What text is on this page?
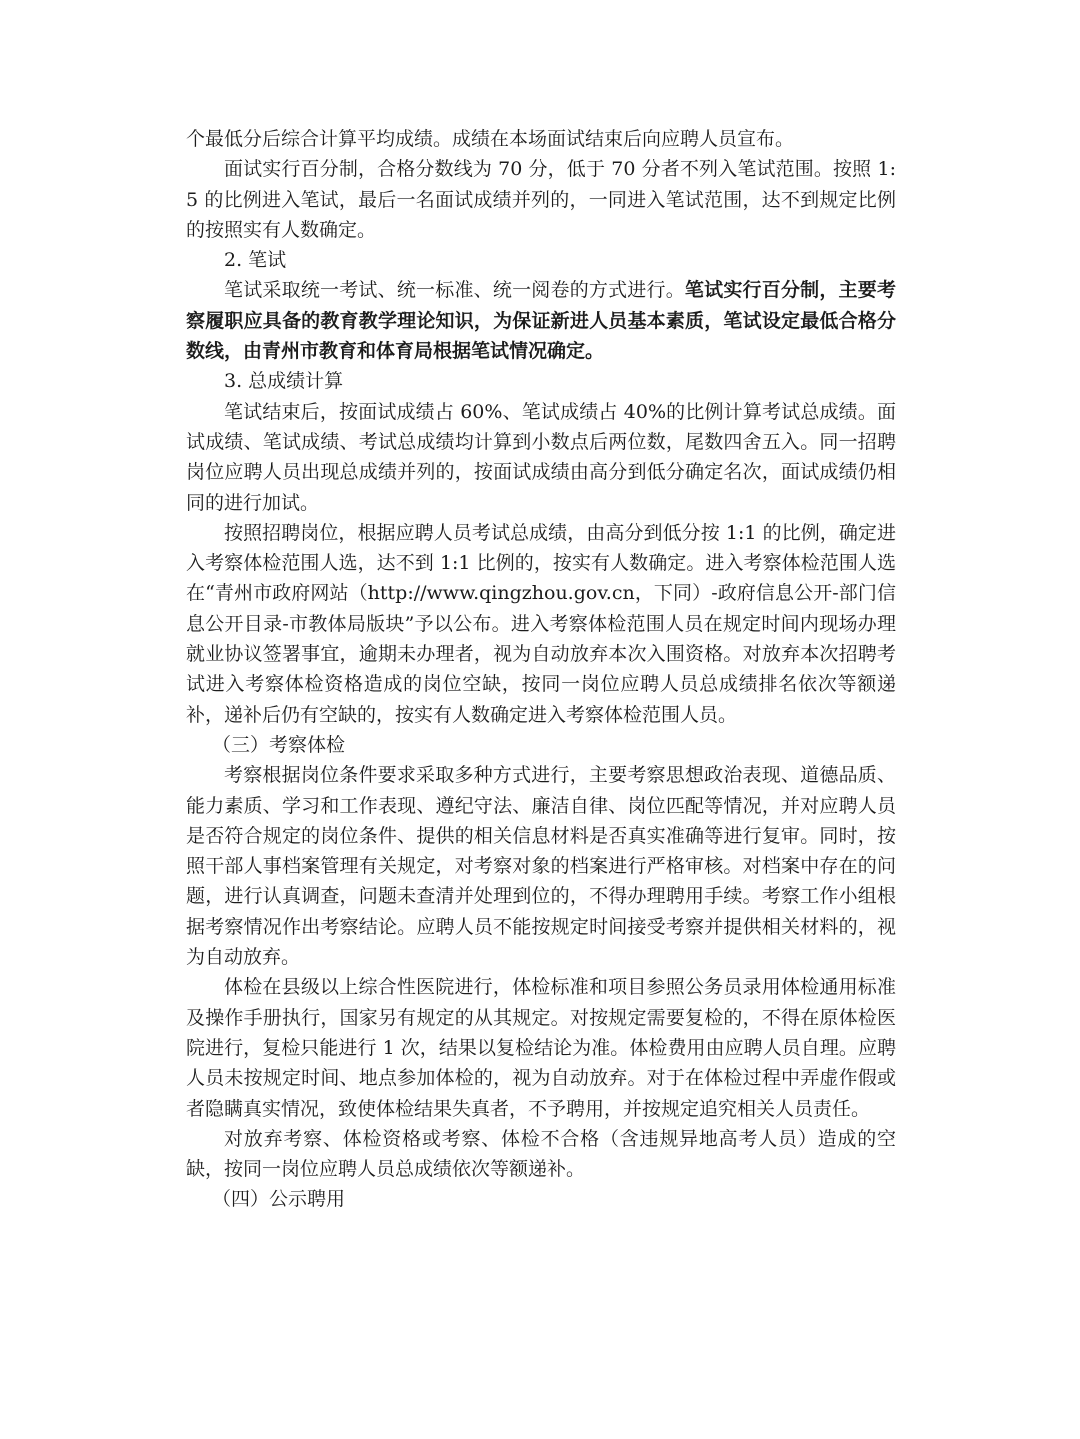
个最低分后综合计算平均成绩。成绩在本场面试结束后向应聘人员宣布。

面试实行百分制，合格分数线为 70 分，低于 70 分者不列入笔试范围。按照 1:5 的比例进入笔试，最后一名面试成绩并列的，一同进入笔试范围，达不到规定比例的按照实有人数确定。

2. 笔试

笔试采取统一考试、统一标准、统一阅卷的方式进行。笔试实行百分制，主要考察履职应具备的教育教学理论知识，为保证新进人员基本素质，笔试设定最低合格分数线，由青州市教育和体育局根据笔试情况确定。

3. 总成绩计算

笔试结束后，按面试成绩占 60%、笔试成绩占 40%的比例计算考试总成绩。面试成绩、笔试成绩、考试总成绩均计算到小数点后两位数，尾数四舍五入。同一招聘岗位应聘人员出现总成绩并列的，按面试成绩由高分到低分确定名次，面试成绩仍相同的进行加试。

按照招聘岗位，根据应聘人员考试总成绩，由高分到低分按 1:1 的比例，确定进入考察体检范围人选，达不到 1:1 比例的，按实有人数确定。进入考察体检范围人选在“青州市政府网站（http://www.qingzhou.gov.cn，下同）-政府信息公开-部门信息公开目录-市教体局版块”予以公布。进入考察体检范围人员在规定时间内现场办理就业协议签署事宜，逾期未办理者，视为自动放弃本次入围资格。对放弃本次招聘考试进入考察体检资格造成的岗位空缺，按同一岗位应聘人员总成绩排名依次等额递补，递补后仍有空缺的，按实有人数确定进入考察体检范围人员。

（三）考察体检

考察根据岗位条件要求采取多种方式进行，主要考察思想政治表现、道德品质、能力素质、学习和工作表现、遵纪守法、廉洁自律、岗位匹配等情况，并对应聘人员是否符合规定的岗位条件、提供的相关信息材料是否真实准确等进行复审。同时，按照干部人事档案管理有关规定，对考察对象的档案进行严格审核。对档案中存在的问题，进行认真调查，问题未查清并处理到位的，不得办理聘用手续。考察工作小组根据考察情况作出考察结论。应聘人员不能按规定时间接受考察并提供相关材料的，视为自动放弃。

体检在县级以上综合性医院进行，体检标准和项目参照公务员录用体检通用标准及操作手册执行，国家另有规定的从其规定。对按规定需要复检的，不得在原体检医院进行，复检只能进行 1 次，结果以复检结论为准。体检费用由应聘人员自理。应聘人员未按规定时间、地点参加体检的，视为自动放弃。对于在体检过程中弄虚作假或者隐瞒真实情况，致使体检结果失真者，不予聘用，并按规定追究相关人员责任。

对放弃考察、体检资格或考察、体检不合格（含违规异地高考人员）造成的空缺，按同一岗位应聘人员总成绩依次等额递补。

（四）公示聘用
